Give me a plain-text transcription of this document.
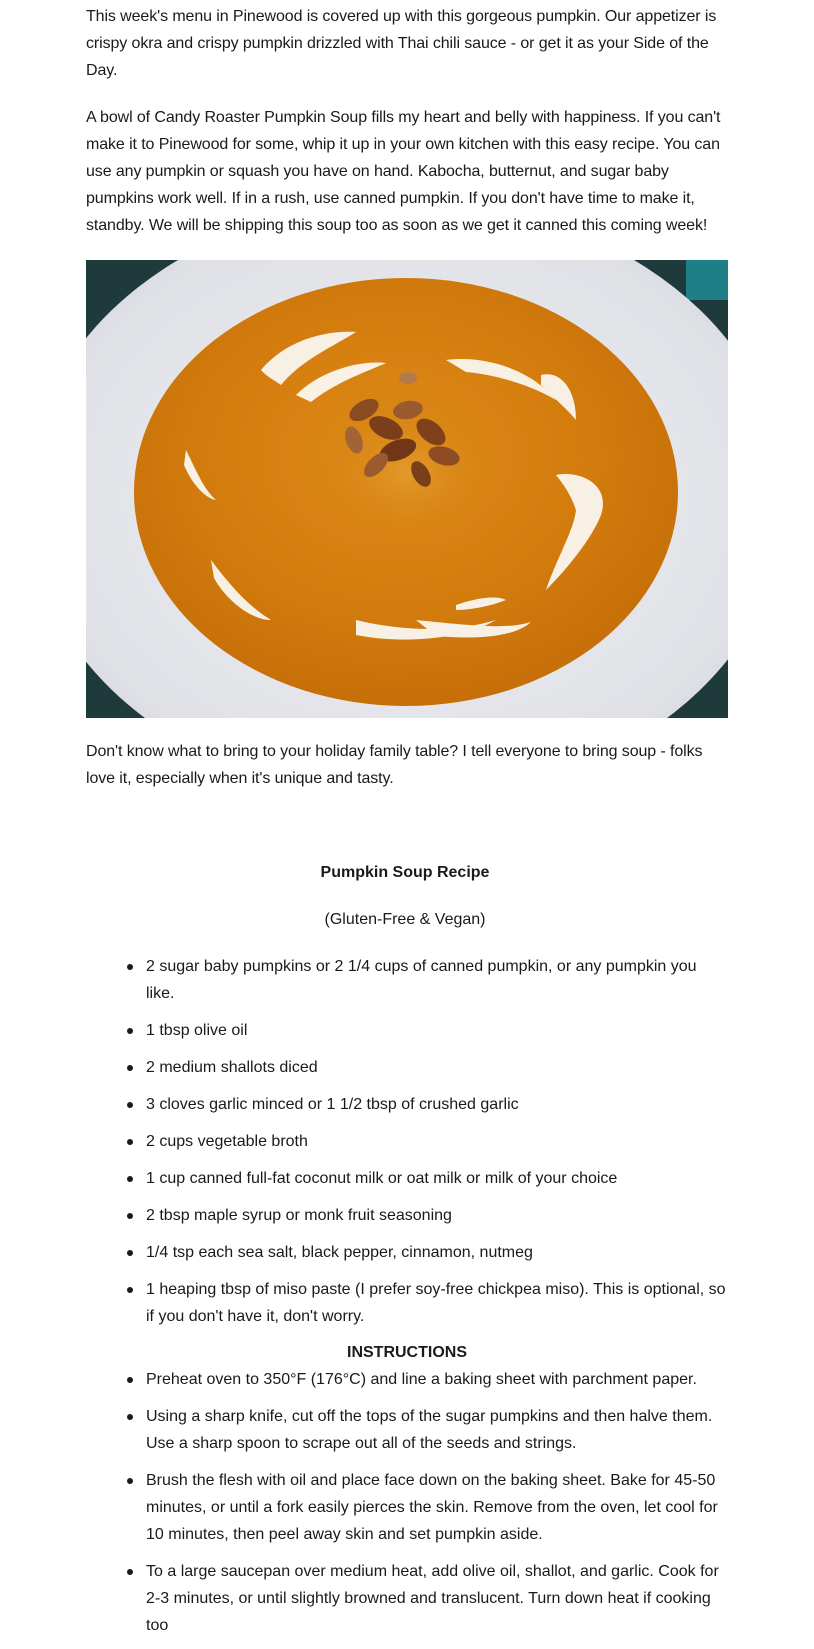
This week's menu in Pinewood is covered up with this gorgeous pumpkin. Our appetizer is crispy okra and crispy pumpkin drizzled with Thai chili sauce - or get it as your Side of the Day.

A bowl of Candy Roaster Pumpkin Soup fills my heart and belly with happiness. If you can't make it to Pinewood for some, whip it up in your own kitchen with this easy recipe. You can use any pumpkin or squash you have on hand. Kabocha, butternut, and sugar baby pumpkins work well. If in a rush, use canned pumpkin. If you don't have time to make it, standby. We will be shipping this soup too as soon as we get it canned this coming week!

Don't know what to bring to your holiday family table? I tell everyone to bring soup - folks love it, especially when it's unique and tasty.

Pumpkin Soup Recipe
(Gluten-Free & Vegan)
2 sugar baby pumpkins or 2 1/4 cups of canned pumpkin, or any pumpkin you like.
1 tbsp olive oil
2 medium shallots diced
3 cloves garlic minced or 1 1/2 tbsp of crushed garlic
2 cups vegetable broth
1 cup canned full-fat coconut milk or oat milk or milk of your choice
2 tbsp maple syrup or monk fruit seasoning
1/4 tsp each sea salt, black pepper, cinnamon, nutmeg
1 heaping tbsp of miso paste (I prefer soy-free chickpea miso). This is optional, so if you don't have it, don't worry.
INSTRUCTIONS
Preheat oven to 350°F (176°C) and line a baking sheet with parchment paper.
Using a sharp knife, cut off the tops of the sugar pumpkins and then halve them. Use a sharp spoon to scrape out all of the seeds and strings.
Brush the flesh with oil and place face down on the baking sheet. Bake for 45-50 minutes, or until a fork easily pierces the skin. Remove from the oven, let cool for 10 minutes, then peel away skin and set pumpkin aside.
To a large saucepan over medium heat, add olive oil, shallot, and garlic. Cook for 2-3 minutes, or until slightly browned and translucent. Turn down heat if cooking too
